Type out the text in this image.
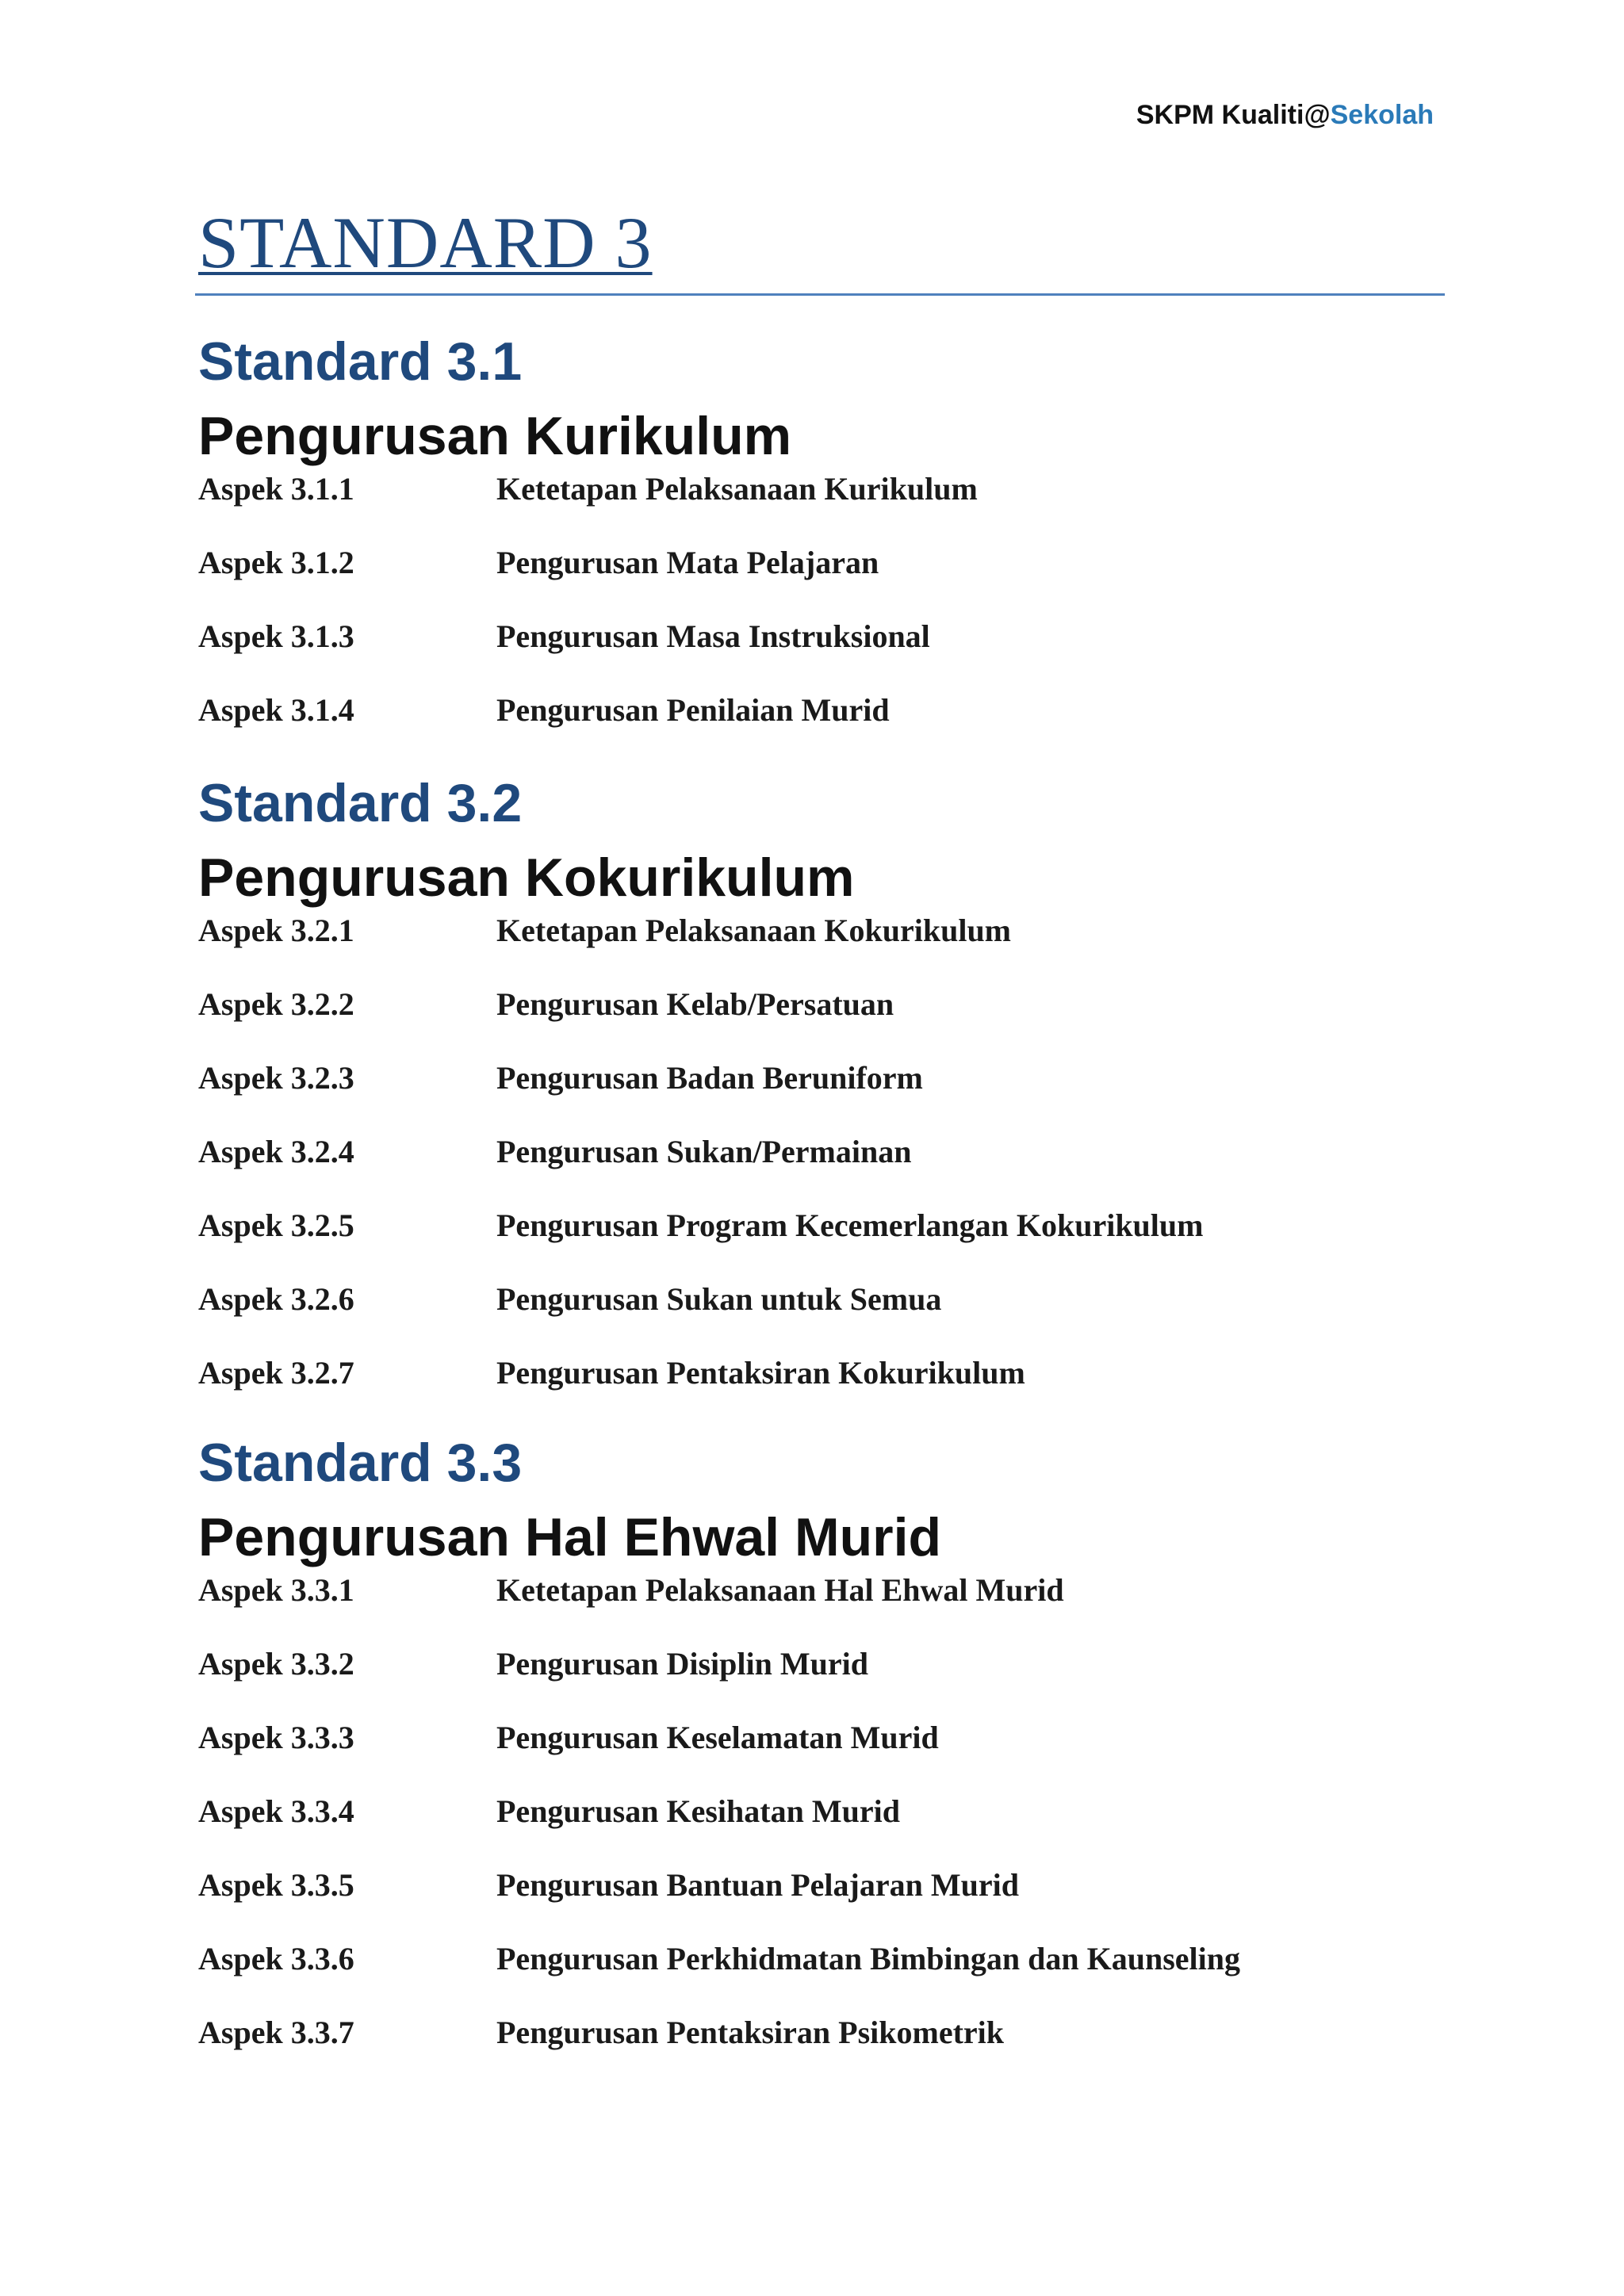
SKPM Kualiti@Sekolah
STANDARD 3
Standard 3.1
Pengurusan Kurikulum
Aspek 3.1.1	Ketetapan Pelaksanaan Kurikulum
Aspek 3.1.2	Pengurusan Mata Pelajaran
Aspek 3.1.3	Pengurusan Masa Instruksional
Aspek 3.1.4	Pengurusan Penilaian Murid
Standard 3.2
Pengurusan Kokurikulum
Aspek 3.2.1	Ketetapan Pelaksanaan Kokurikulum
Aspek 3.2.2	Pengurusan Kelab/Persatuan
Aspek 3.2.3	Pengurusan Badan Beruniform
Aspek 3.2.4	Pengurusan Sukan/Permainan
Aspek 3.2.5	Pengurusan Program Kecemerlangan Kokurikulum
Aspek 3.2.6	Pengurusan Sukan untuk Semua
Aspek 3.2.7	Pengurusan Pentaksiran Kokurikulum
Standard 3.3
Pengurusan Hal Ehwal Murid
Aspek 3.3.1	Ketetapan Pelaksanaan Hal Ehwal Murid
Aspek 3.3.2	Pengurusan Disiplin Murid
Aspek 3.3.3	Pengurusan Keselamatan Murid
Aspek 3.3.4	Pengurusan Kesihatan Murid
Aspek 3.3.5	Pengurusan Bantuan Pelajaran Murid
Aspek 3.3.6	Pengurusan Perkhidmatan Bimbingan dan Kaunseling
Aspek 3.3.7	Pengurusan Pentaksiran Psikometrik
